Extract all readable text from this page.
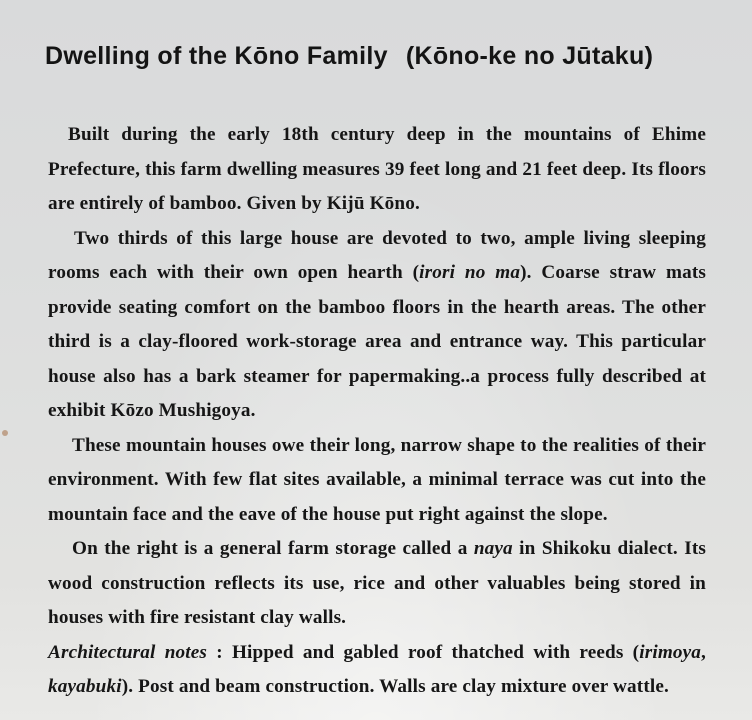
Dwelling of the Kōno Family (Kōno-ke no Jūtaku)

Built during the early 18th century deep in the mountains of Ehime Prefecture, this farm dwelling measures 39 feet long and 21 feet deep. Its floors are entirely of bamboo. Given by Kijū Kōno.

Two thirds of this large house are devoted to two, ample living sleeping rooms each with their own open hearth (irori no ma). Coarse straw mats provide seating comfort on the bamboo floors in the hearth areas. The other third is a clay-floored work-storage area and entrance way. This particular house also has a bark steamer for papermaking..a process fully described at exhibit Kōzo Mushigoya.

These mountain houses owe their long, narrow shape to the realities of their environment. With few flat sites available, a minimal terrace was cut into the mountain face and the eave of the house put right against the slope.

On the right is a general farm storage called a naya in Shikoku dialect. Its wood construction reflects its use, rice and other valuables being stored in houses with fire resistant clay walls.

Architectural notes : Hipped and gabled roof thatched with reeds (irimoya, kayabuki). Post and beam construction. Walls are clay mixture over wattle.
